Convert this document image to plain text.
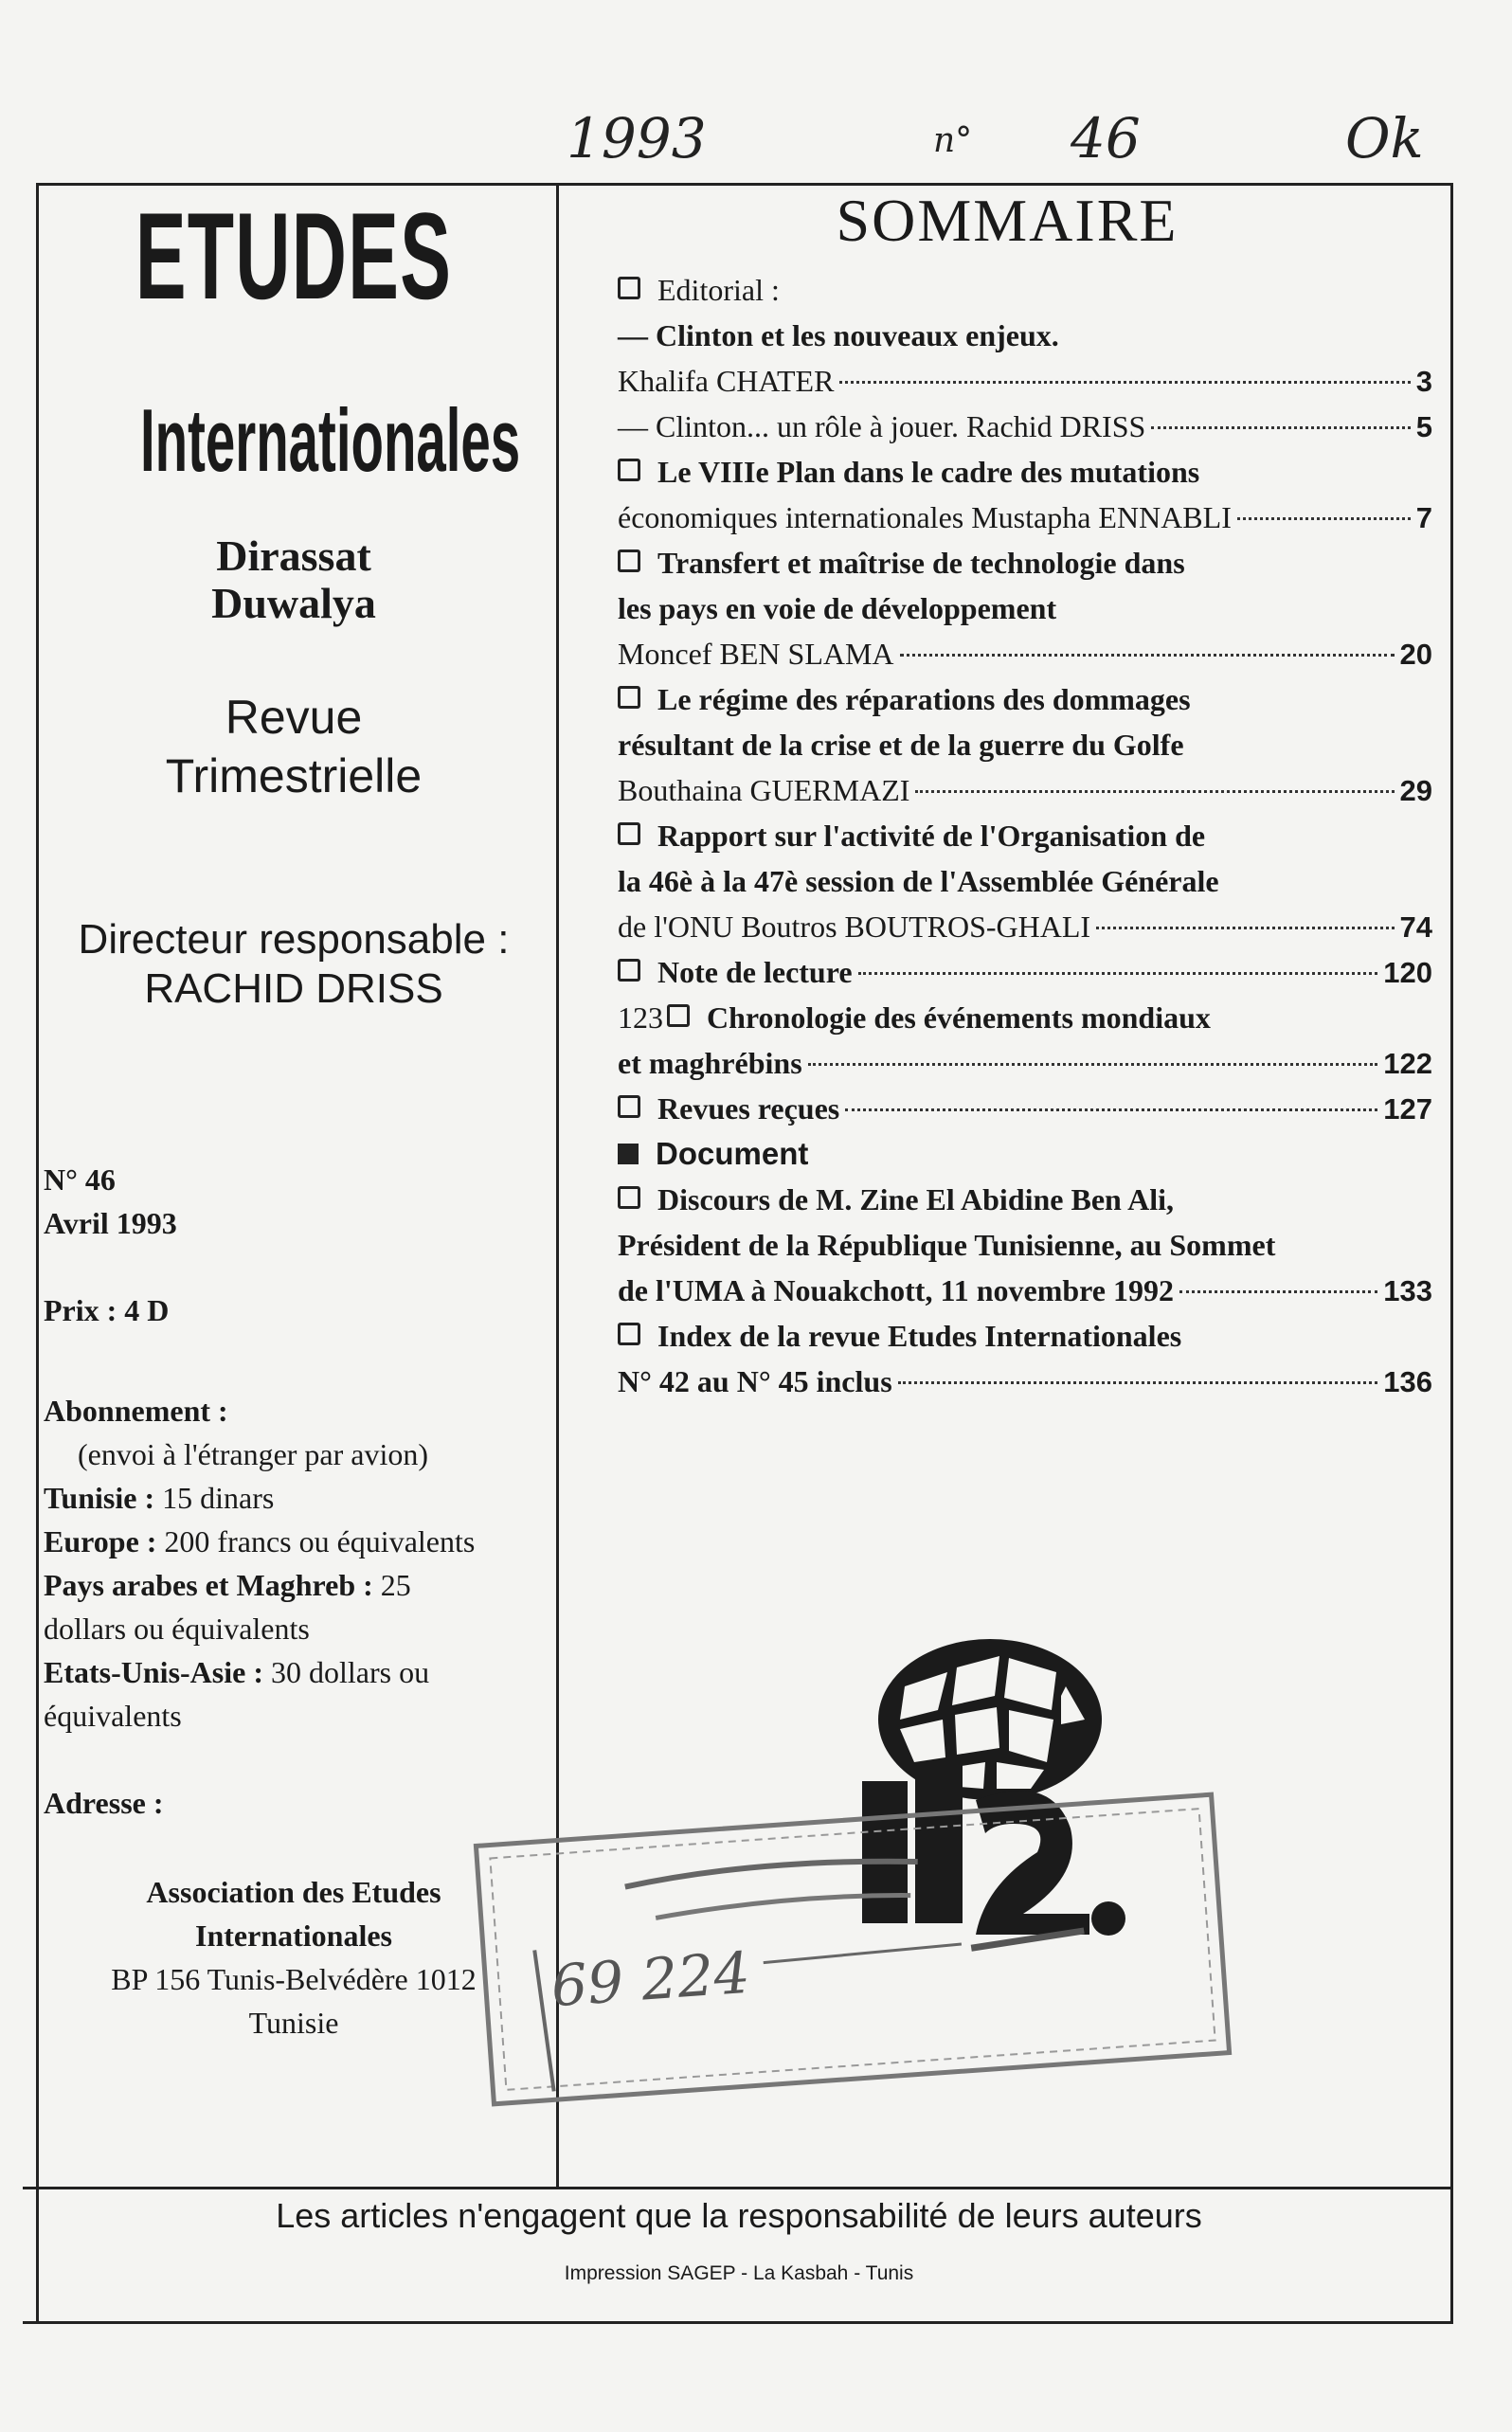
1993	n° 46	Ok
ETUDES
Internationales
Dirassat
Duwalya
Revue
Trimestrielle
Directeur responsable :
RACHID DRISS
N° 46
Avril 1993
Prix : 4 D
Abonnement :
(envoi à l'étranger par avion)
Tunisie : 15 dinars
Europe : 200 francs ou équivalents
Pays arabes et Maghreb : 25
dollars ou équivalents
Etats-Unis-Asie : 30 dollars ou
équivalents
Adresse :
Association des Etudes
Internationales
BP 156 Tunis-Belvédère 1012
Tunisie
SOMMAIRE
Editorial :
— Clinton et les nouveaux enjeux.
Khalifa CHATER	3
— Clinton... un rôle à jouer. Rachid DRISS	5
Le VIIIe Plan dans le cadre des mutations
économiques internationales Mustapha ENNABLI	7
Transfert et maîtrise de technologie dans
les pays en voie de développement
Moncef BEN SLAMA	20
Le régime des réparations des dommages
résultant de la crise et de la guerre du Golfe
Bouthaina GUERMAZI	29
Rapport sur l'activité de l'Organisation de
la 46è à la 47è session de l'Assemblée Générale
de l'ONU Boutros BOUTROS-GHALI	74
Note de lecture	120
123 Chronologie des événements mondiaux
et maghrébins	122
Revues reçues	127
Document
Discours de M. Zine El Abidine Ben Ali,
Président de la République Tunisienne, au Sommet
de l'UMA à Nouakchott, 11 novembre 1992	133
Index de la revue Etudes Internationales
N° 42 au N° 45 inclus	136
69 224
Les articles n'engagent que la responsabilité de leurs auteurs
Impression SAGEP - La Kasbah - Tunis
